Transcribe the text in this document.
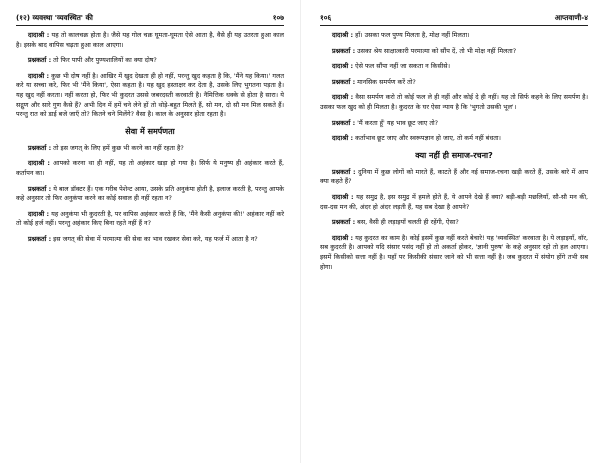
(१२) व्यवस्था 'व्यवस्थित' की	१०७

दादाश्री : यह तो कालचक्र होता है। जैसे यह गोल चक्र घूमता-घूमता ऐसे आता है, वैसे ही यह उतरता हुआ काल है। इसके बाद वापिस चढ़ता हुआ काल आएगा।

प्रश्नकर्ता : तो फिर पापी और पुण्यशालियों का क्या दोष?

दादाश्री : कुछ भी दोष नहीं है। आखिर में खुद देखता ही हो नहीं, परन्तु खुद कहता है कि, 'मैंने यह किया।' गलत करे या सच्चा करे, फिर भी 'मैंने किया', ऐसा कहता है। यह खुद हस्ताक्षर कर देता है, उसके लिए भुगतना पड़ता है। यह खुद नहीं करता। नहीं करता हो, फिर भी कुदरत उससे जबरदस्ती करवाती है। नैमित्तिक धक्के से होता है सारा। ये सद्गुण और सारे गुण कैसे हैं? अभी दिन में हमें चने लेने हों तो थोड़े-बहुत मिलते हैं, सो मन, दो सौ मन मिल सकते हैं। परन्तु रात को डाई बजे जाएँ तो? कितने चने मिलेंगे? वैसा है। काल के अनुसार होता रहता है।

सेवा में समर्पणता

प्रश्नकर्ता : तो इस जगत् के लिए हमें कुछ भी करने का नहीं रहता है?

दादाश्री : आपको करना था ही नहीं, यह तो अहंकार खड़ा हो गया है। सिर्फ ये मनुष्य ही अहंकार करते हैं, कर्तापन का।

प्रश्नकर्ता : ये बाल डॉक्टर हैं। एक गरीब पेशेन्ट आया, उसके प्रति अनुकंपा होती है, इलाज करती है, परन्तु आपके कहे अनुसार तो फिर अनुकंपा करने का कोई सवाल ही नहीं रहता न?

दादाश्री : यह अनुकंपा भी कुदरती है, पर वापिस अहंकार करते हैं कि, 'मैंने कैसी अनुकंपा की!' अहंकार नहीं करे तो कोई हर्ज नहीं। परन्तु अहंकार किए बिना रहते नहीं हैं न?

प्रश्नकर्ता : इस जगत् की सेवा में परमात्मा की सेवा का भाव रखकर सेवा करे, यह फर्ज में आता है न?

१०६	आप्तवाणी-४

दादाश्री : हाँ। उसका फल पुण्य मिलता है, मोक्ष नहीं मिलता।

प्रश्नकर्ता : उसका श्रेय साक्षात्कारी परमात्मा को सौंप दें, तो भी मोक्ष नहीं मिलता?

दादाश्री : ऐसे फल सौंपा नहीं जा सकता न किसीसे।

प्रश्नकर्ता : मानसिक समर्पण करें तो?

दादाश्री : वैसा समर्पण करो तो कोई फल ले ही नहीं और कोई दे ही नहीं। यह तो सिर्फ कहने के लिए समर्पण है। उसका फल खुद को ही मिलता है। कुदरत के घर ऐसा न्याय है कि 'भुगतो उसकी भूल'।

प्रश्नकर्ता : 'मैं करता हूँ' यह भाव छूट जाए तो?

दादाश्री : कर्ताभाव छूट जाए और स्वरूपज्ञान हो जाए, तो कर्म नहीं बंधता।

क्या नहीं ही समाज-रचना?

प्रश्नकर्ता : दुनिया में कुछ लोगों को मारते हैं, काटते हैं और नई समाज-रचना खड़ी करते हैं, उसके बारे में आप क्या कहते हैं?

दादाश्री : यह समुद्र है, इस समुद्र में हमले होते हैं, ये आपने देखे हैं क्या? बड़ी-बड़ी मछलियाँ, सौ-सौ मन की, दस-दस मन की, अंदर हो अंदर लड़ती हैं, यह सब देखा है आपने?

प्रश्नकर्ता : बस, वैसी ही लड़ाइयाँ चलती ही रहेंगी, ऐसा?

दादाश्री : यह कुदरत का काम है। कोई इसमें कुछ नहीं करते बेचारे! यह 'व्यवस्थित' करवाता है। ये लड़ाइयाँ, वॉर, सब कुदरती है। आपको यदि संसार पसंद नहीं हो तो अकर्ता होकर, 'ज्ञानी पुरुष' के कहे अनुसार रहो तो हल आएगा। इसमें किसीको सत्ता नहीं है। यहाँ पर किसीकी संसार जाने को भी सत्ता नहीं है। जब कुदरत में संयोग होंगे तभी सब होगा।
